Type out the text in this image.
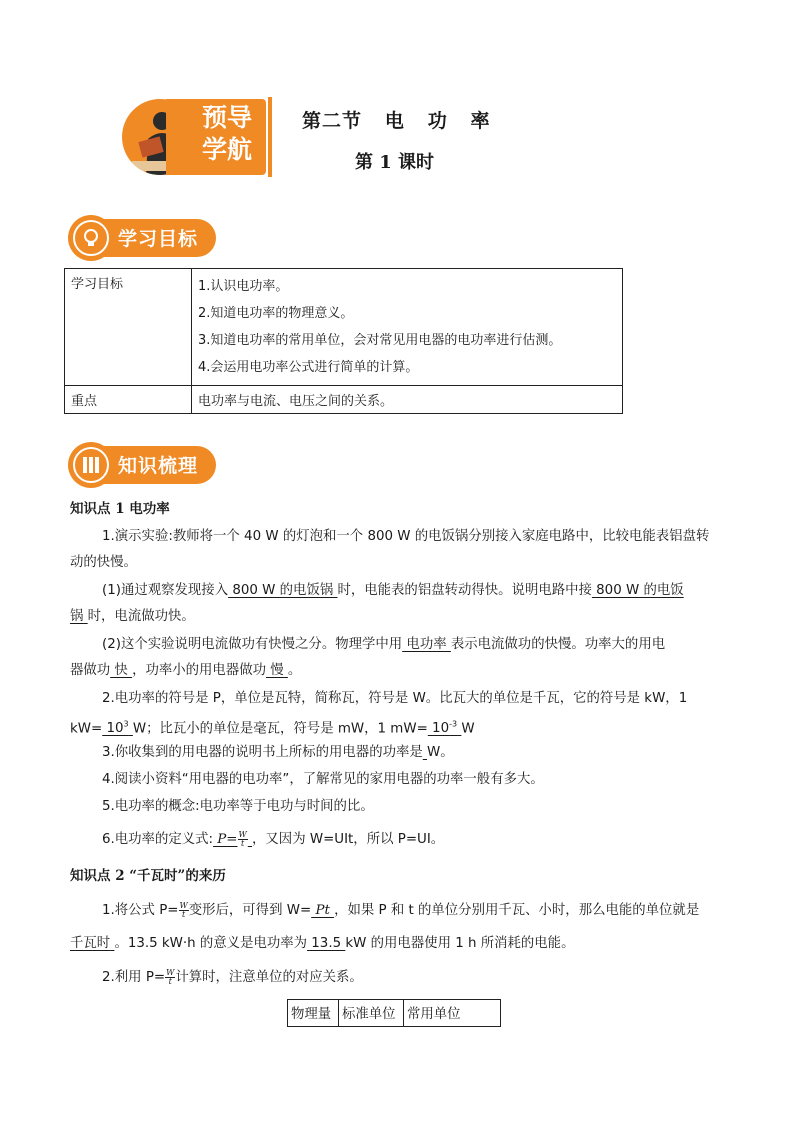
预导
学航
第二节   电   功   率
第 1 课时
学习目标
学习目标	1.认识电功率。
2.知道电功率的物理意义。
3.知道电功率的常用单位，会对常见用电器的电功率进行估测。
4.会运用电功率公式进行简单的计算。

重点	电功率与电流、电压之间的关系。
知识梳理
知识点 1 电功率
1.演示实验:教师将一个 40 W 的灯泡和一个 800 W 的电饭锅分别接入家庭电路中，比较电能表铝盘转
动的快慢。
(1)通过观察发现接入 800 W 的电饭锅 时，电能表的铝盘转动得快。说明电路中接 800 W 的电饭
锅 时，电流做功快。
(2)这个实验说明电流做功有快慢之分。物理学中用 电功率 表示电流做功的快慢。功率大的用电
器做功 快 ，功率小的用电器做功 慢 。
2.电功率的符号是 P，单位是瓦特，简称瓦，符号是 W。比瓦大的单位是千瓦，它的符号是 kW，1
$kW= 10^3$ W；比瓦小的单位是毫瓦，符号是 mW，1 $mW= 10^{-3}$ W
3.你收集到的用电器的说明书上所标的用电器的功率是 W。
4.阅读小资料“用电器的电功率”，了解常见的家用电器的功率一般有多大。
5.电功率的概念:电功率等于电功与时间的比。
6.电功率的定义式: $P= \frac{W}{t}$ ，又因为 W=UIt，所以 P=UI。
知识点 2 “千瓦时”的来历
1.将公式 $P= \frac{W}{t}$ 变形后，可得到 W= Pt ，如果 P 和 t 的单位分别用千瓦、小时，那么电能的单位就是
千瓦时 。13.5 kW·h 的意义是电功率为 13.5 kW 的用电器使用 1 h 所消耗的电能。
2.利用 $P= \frac{W}{t}$ 计算时，注意单位的对应关系。
物理量	标准单位	常用单位
